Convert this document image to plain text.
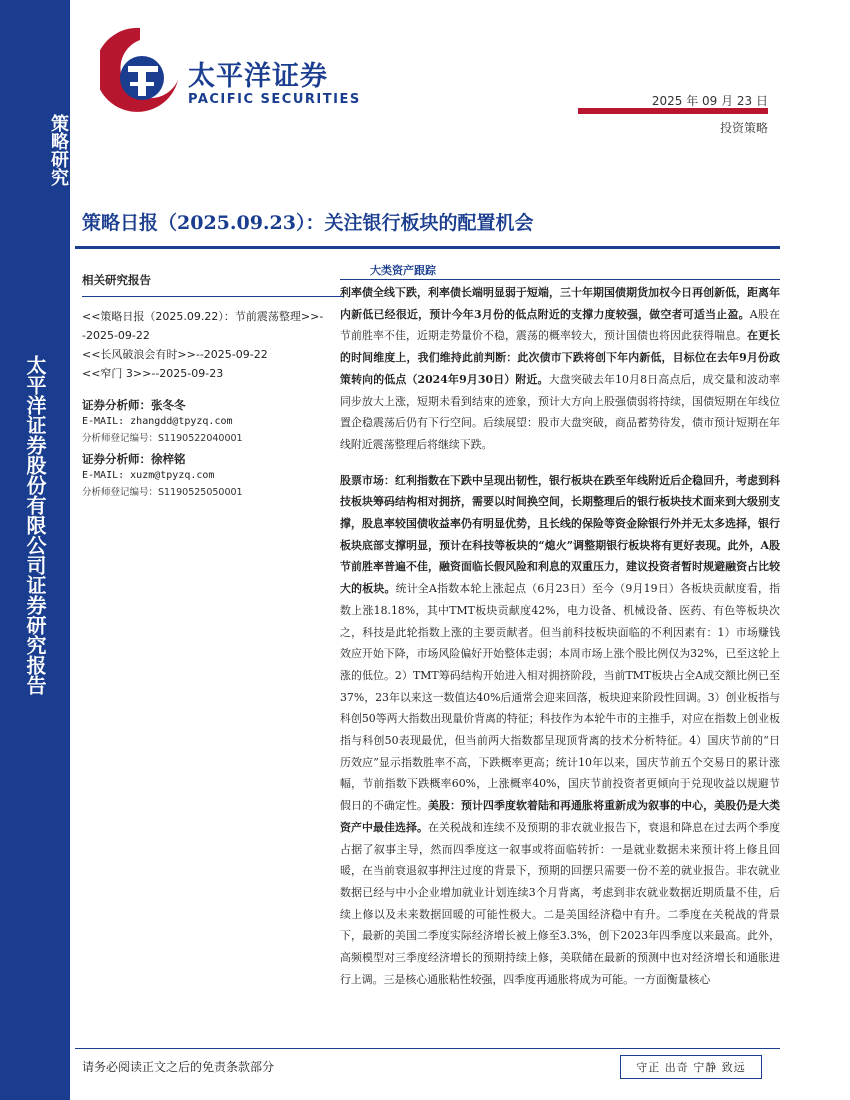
策略研究
太平洋证券股份有限公司证券研究报告
太平洋证券
PACIFIC SECURITIES	2025 年 09 月 23 日
投资策略
策略日报（2025.09.23）：关注银行板块的配置机会
相关研究报告
<<策略日报（2025.09.22）：节前震荡整理>>--2025-09-22
<<长风破浪会有时>>--2025-09-22
<<窄门 3>>--2025-09-23
证券分析师：张冬冬
E-MAIL: zhangdd@tpyzq.com
分析师登记编号：S1190522040001
证券分析师：徐梓铭
E-MAIL: xuzm@tpyzq.com
分析师登记编号：S1190525050001
大类资产跟踪

利率债全线下跌，利率债长端明显弱于短端，三十年期国债期货加权今日再创新低，距离年内新低已经很近，预计今年3月份的低点附近的支撑力度较强，做空者可适当止盈。A股在节前胜率不佳，近期走势量价不稳，震荡的概率较大，预计国债也将因此获得喘息。在更长的时间维度上，我们维持此前判断：此次债市下跌将创下年内新低，目标位在去年9月份政策转向的低点（2024年9月30日）附近。大盘突破去年10月8日高点后，成交量和波动率同步放大上涨，短期未看到结束的迹象，预计大方向上股强债弱将持续，国债短期在年线位置企稳震荡后仍有下行空间。后续展望：股市大盘突破，商品蓄势待发，债市预计短期在年线附近震荡整理后将继续下跌。

股票市场：红利指数在下跌中呈现出韧性，银行板块在跌至年线附近后企稳回升，考虑到科技板块筹码结构相对拥挤，需要以时间换空间，长期整理后的银行板块技术面来到大级别支撑，股息率较国债收益率仍有明显优势，且长线的保险等资金除银行外并无太多选择，银行板块底部支撑明显，预计在科技等板块的“熄火”调整期银行板块将有更好表现。此外，A股节前胜率普遍不佳，融资面临长假风险和利息的双重压力，建议投资者暂时规避融资占比较大的板块。统计全A指数本轮上涨起点（6月23日）至今（9月19日）各板块贡献度看，指数上涨18.18%，其中TMT板块贡献度42%，电力设备、机械设备、医药、有色等板块次之，科技是此轮指数上涨的主要贡献者。但当前科技板块面临的不利因素有：1）市场赚钱效应开始下降，市场风险偏好开始整体走弱；本周市场上涨个股比例仅为32%，已至这轮上涨的低位。2）TMT筹码结构开始进入相对拥挤阶段，当前TMT板块占全A成交额比例已至37%，23年以来这一数值达40%后通常会迎来回落，板块迎来阶段性回调。3）创业板指与科创50等两大指数出现量价背离的特征；科技作为本轮牛市的主推手，对应在指数上创业板指与科创50表现最优，但当前两大指数都呈现顶背离的技术分析特征。4）国庆节前的“日历效应”显示指数胜率不高，下跌概率更高；统计10年以来，国庆节前五个交易日的累计涨幅，节前指数下跌概率60%，上涨概率40%，国庆节前投资者更倾向于兑现收益以规避节假日的不确定性。美股：预计四季度软着陆和再通胀将重新成为叙事的中心，美股仍是大类资产中最佳选择。在关税战和连续不及预期的非农就业报告下，衰退和降息在过去两个季度占据了叙事主导，然而四季度这一叙事或将面临转折：一是就业数据未来预计将上修且回暖，在当前衰退叙事押注过度的背景下，预期的回摆只需要一份不差的就业报告。非农就业数据已经与中小企业增加就业计划连续3个月背离，考虑到非农就业数据近期质量不佳，后续上修以及未来数据回暖的可能性极大。二是美国经济稳中有升。二季度在关税战的背景下，最新的美国二季度实际经济增长被上修至3.3%，创下2023年四季度以来最高。此外，高频模型对三季度经济增长的预期持续上修，美联储在最新的预测中也对经济增长和通胀进行上调。三是核心通胀粘性较强，四季度再通胀将成为可能。一方面衡量核心

请务必阅读正文之后的免责条款部分	守正 出奇 宁静 致远
